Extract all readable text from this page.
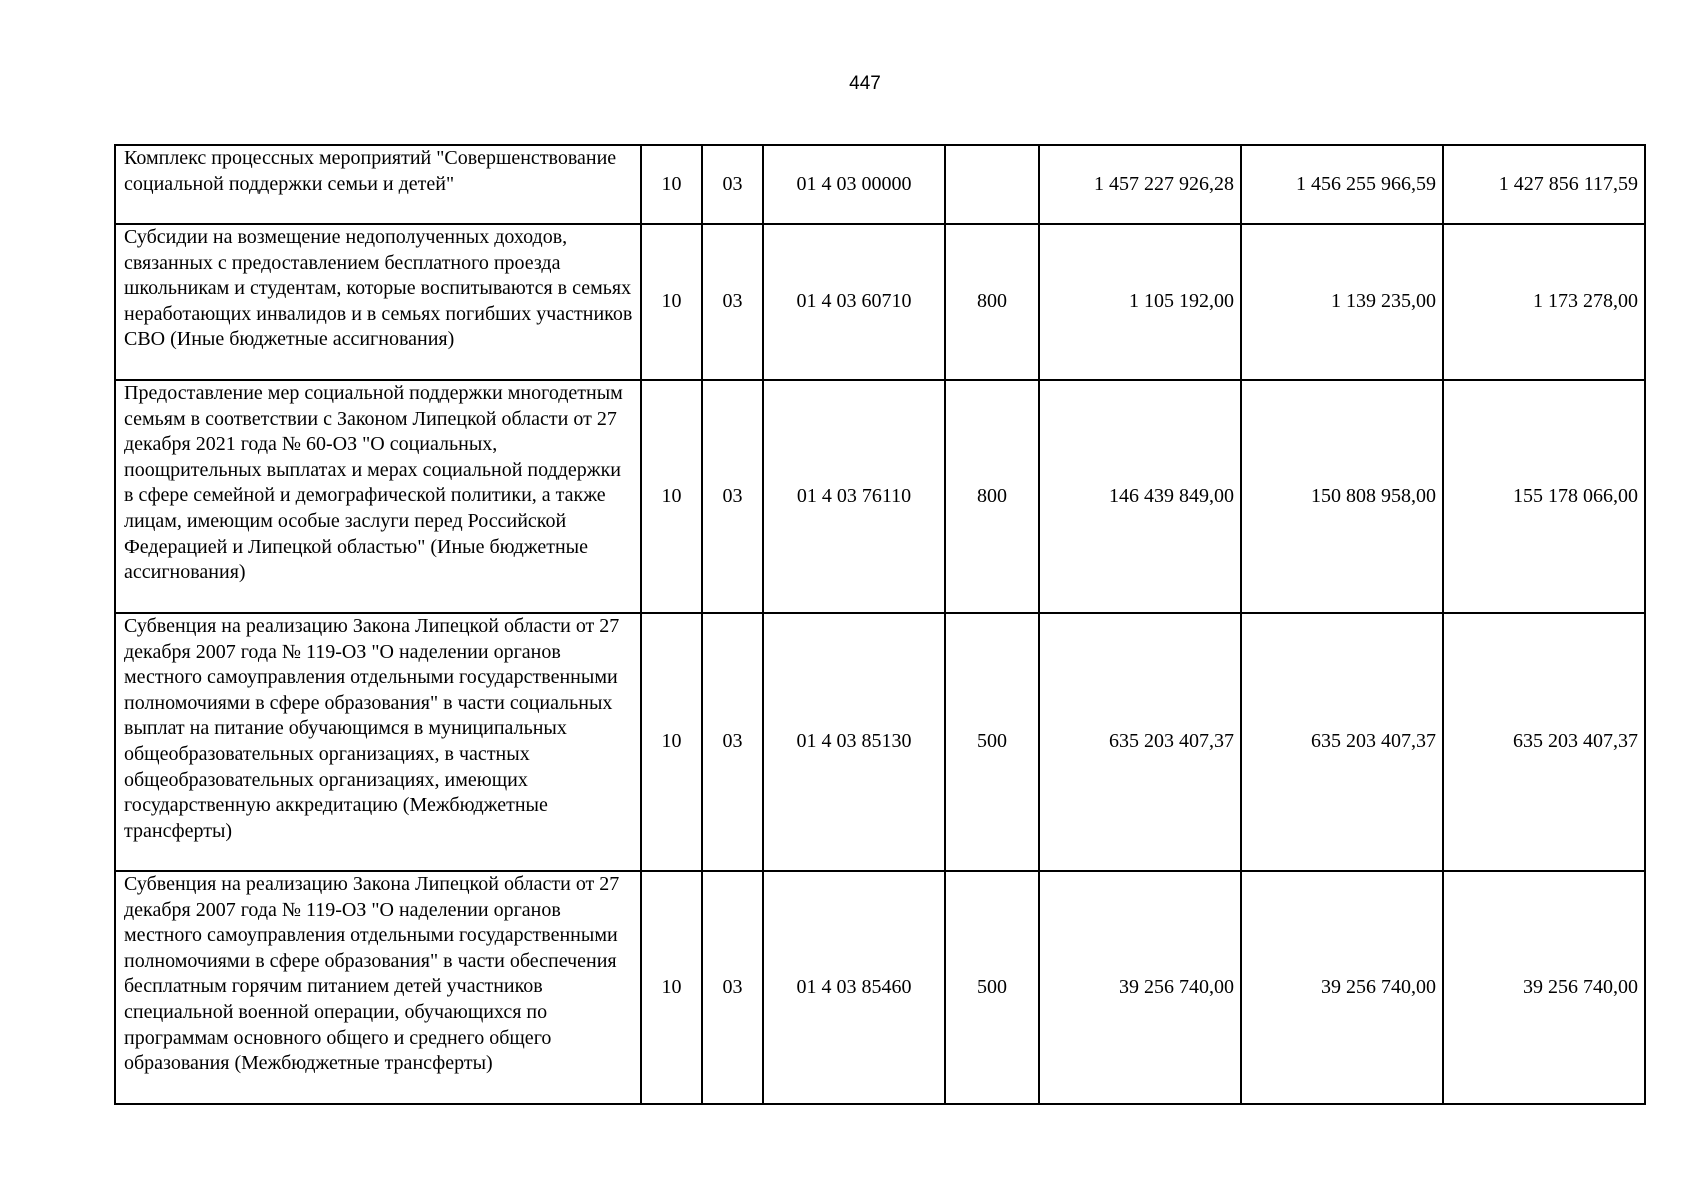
447
Комплекс процессных мероприятий "Совершенствование социальной поддержки семьи и детей"	10	03	01 4 03 00000		1 457 227 926,28	1 456 255 966,59	1 427 856 117,59
Субсидии на возмещение недополученных доходов, связанных с предоставлением бесплатного проезда школьникам и студентам, которые воспитываются в семьях неработающих инвалидов и в семьях погибших участников СВО (Иные бюджетные ассигнования)	10	03	01 4 03 60710	800	1 105 192,00	1 139 235,00	1 173 278,00
Предоставление мер социальной поддержки многодетным семьям в соответствии с Законом Липецкой области от 27 декабря 2021 года № 60-ОЗ "О социальных, поощрительных выплатах и мерах социальной поддержки в сфере семейной и демографической политики, а также лицам, имеющим особые заслуги перед Российской Федерацией и Липецкой областью" (Иные бюджетные ассигнования)	10	03	01 4 03 76110	800	146 439 849,00	150 808 958,00	155 178 066,00
Субвенция на реализацию Закона Липецкой области от 27 декабря 2007 года № 119-ОЗ "О наделении органов местного самоуправления отдельными государственными полномочиями в сфере образования" в части социальных выплат на питание обучающимся в муниципальных общеобразовательных организациях, в частных общеобразовательных организациях, имеющих государственную аккредитацию (Межбюджетные трансферты)	10	03	01 4 03 85130	500	635 203 407,37	635 203 407,37	635 203 407,37
Субвенция на реализацию Закона Липецкой области от 27 декабря 2007 года № 119-ОЗ "О наделении органов местного самоуправления отдельными государственными полномочиями в сфере образования" в части обеспечения бесплатным горячим питанием детей участников специальной военной операции, обучающихся по программам основного общего и среднего общего образования (Межбюджетные трансферты)	10	03	01 4 03 85460	500	39 256 740,00	39 256 740,00	39 256 740,00
